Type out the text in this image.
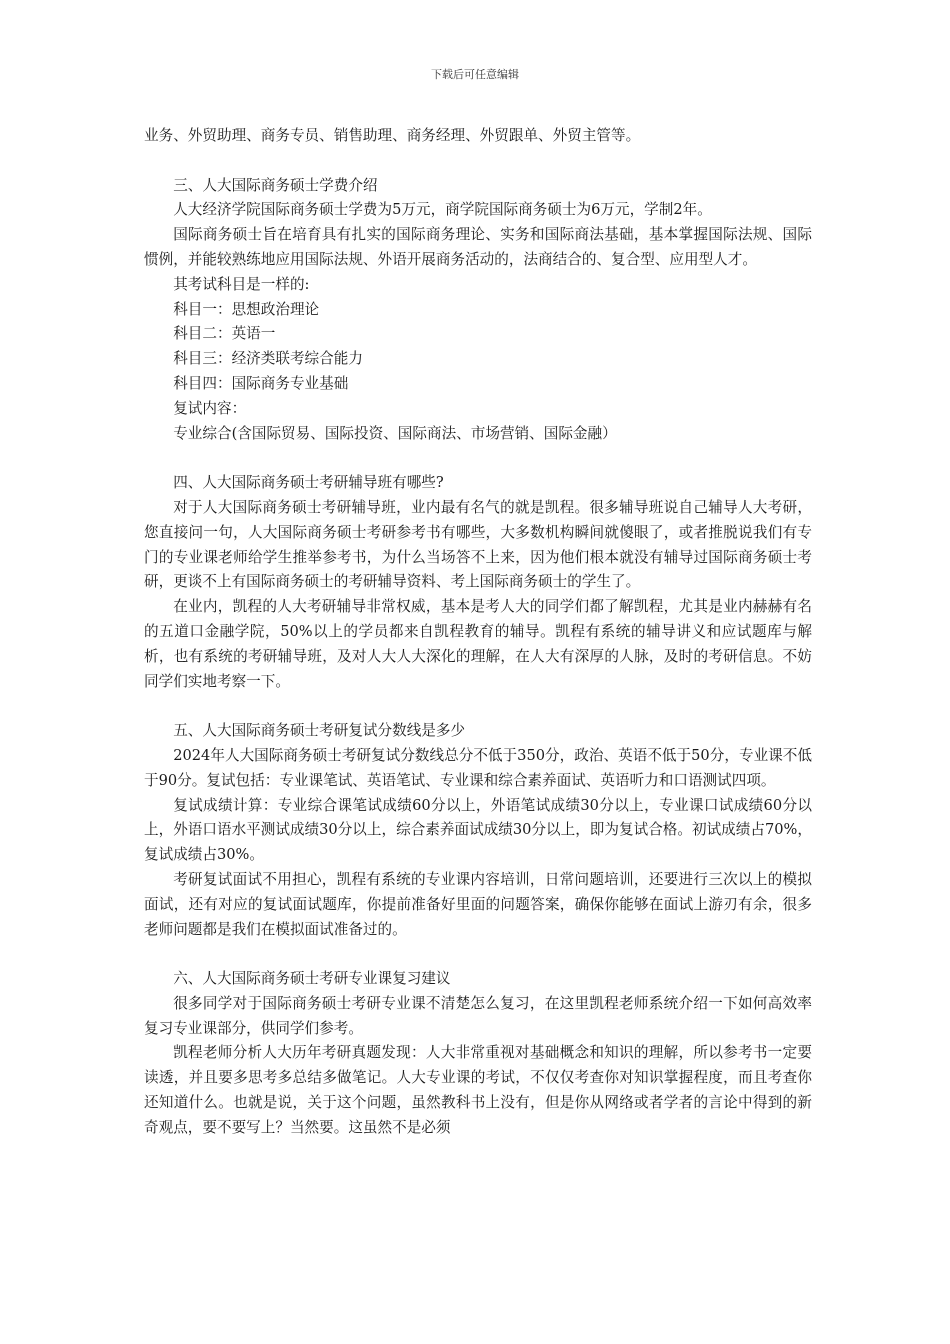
下载后可任意编辑

业务、外贸助理、商务专员、销售助理、商务经理、外贸跟单、外贸主管等。

三、人大国际商务硕士学费介绍

人大经济学院国际商务硕士学费为5万元，商学院国际商务硕士为6万元，学制2年。

国际商务硕士旨在培育具有扎实的国际商务理论、实务和国际商法基础，基本掌握国际法规、国际惯例，并能较熟练地应用国际法规、外语开展商务活动的，法商结合的、复合型、应用型人才。

其考试科目是一样的:

科目一：思想政治理论

科目二：英语一

科目三：经济类联考综合能力

科目四：国际商务专业基础

复试内容：

专业综合(含国际贸易、国际投资、国际商法、市场营销、国际金融）

四、人大国际商务硕士考研辅导班有哪些?

对于人大国际商务硕士考研辅导班，业内最有名气的就是凯程。很多辅导班说自己辅导人大考研，您直接问一句，人大国际商务硕士考研参考书有哪些，大多数机构瞬间就傻眼了，或者推脱说我们有专门的专业课老师给学生推举参考书，为什么当场答不上来，因为他们根本就没有辅导过国际商务硕士考研，更谈不上有国际商务硕士的考研辅导资料、考上国际商务硕士的学生了。

在业内，凯程的人大考研辅导非常权威，基本是考人大的同学们都了解凯程，尤其是业内赫赫有名的五道口金融学院，50%以上的学员都来自凯程教育的辅导。凯程有系统的辅导讲义和应试题库与解析，也有系统的考研辅导班，及对人大人大深化的理解，在人大有深厚的人脉，及时的考研信息。不妨同学们实地考察一下。

五、人大国际商务硕士考研复试分数线是多少

2024年人大国际商务硕士考研复试分数线总分不低于350分，政治、英语不低于50分，专业课不低于90分。复试包括：专业课笔试、英语笔试、专业课和综合素养面试、英语听力和口语测试四项。

复试成绩计算：专业综合课笔试成绩60分以上，外语笔试成绩30分以上，专业课口试成绩60分以上，外语口语水平测试成绩30分以上，综合素养面试成绩30分以上，即为复试合格。初试成绩占70%，复试成绩占30%。

考研复试面试不用担心，凯程有系统的专业课内容培训，日常问题培训，还要进行三次以上的模拟面试，还有对应的复试面试题库，你提前准备好里面的问题答案，确保你能够在面试上游刃有余，很多老师问题都是我们在模拟面试准备过的。

六、人大国际商务硕士考研专业课复习建议

很多同学对于国际商务硕士考研专业课不清楚怎么复习，在这里凯程老师系统介绍一下如何高效率复习专业课部分，供同学们参考。

凯程老师分析人大历年考研真题发现：人大非常重视对基础概念和知识的理解，所以参考书一定要读透，并且要多思考多总结多做笔记。人大专业课的考试，不仅仅考查你对知识掌握程度，而且考查你还知道什么。也就是说，关于这个问题，虽然教科书上没有，但是你从网络或者学者的言论中得到的新奇观点，要不要写上？当然要。这虽然不是必须
